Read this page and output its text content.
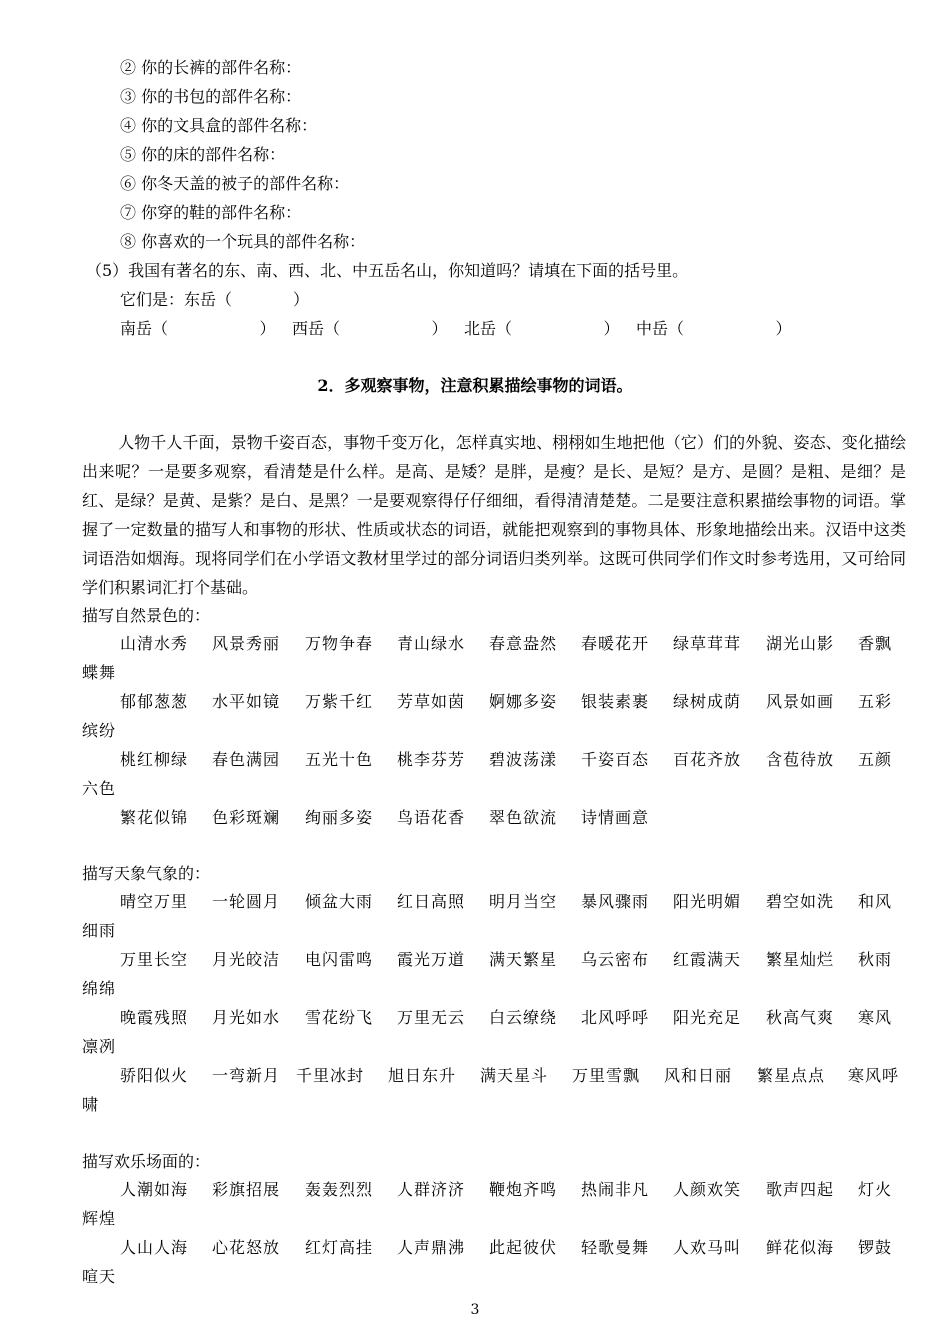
② 你的长裤的部件名称：
③ 你的书包的部件名称：
④ 你的文具盒的部件名称：
⑤ 你的床的部件名称：
⑥ 你冬天盖的被子的部件名称：
⑦ 你穿的鞋的部件名称：
⑧ 你喜欢的一个玩具的部件名称：
（5）我国有著名的东、南、西、北、中五岳名山，你知道吗？请填在下面的括号里。
它们是：东岳（            ）
南岳（                  ） 西岳（                  ） 北岳（                  ） 中岳（                  ）
2．多观察事物，注意积累描绘事物的词语。
人物千人千面，景物千姿百态，事物千变万化，怎样真实地、栩栩如生地把他（它）们的外貌、姿态、变化描绘出来呢？一是要多观察，看清楚是什么样。是高、是矮？是胖，是瘦？是长、是短？是方、是圆？是粗、是细？是红、是绿？是黄、是紫？是白、是黑？一是要观察得仔仔细细，看得清清楚楚。二是要注意积累描绘事物的词语。掌握了一定数量的描写人和事物的形状、性质或状态的词语，就能把观察到的事物具体、形象地描绘出来。汉语中这类词语浩如烟海。现将同学们在小学语文教材里学过的部分词语归类列举。这既可供同学们作文时参考选用，又可给同学们积累词汇打个基础。
描写自然景色的：
山清水秀 风景秀丽 万物争春 青山绿水 春意盎然 春暖花开 绿草茸茸 湖光山影 香飘
蝶舞
郁郁葱葱 水平如镜 万紫千红 芳草如茵 婀娜多姿 银装素裹 绿树成荫 风景如画 五彩
缤纷
桃红柳绿 春色满园 五光十色 桃李芬芳 碧波荡漾 千姿百态 百花齐放 含苞待放 五颜
六色
繁花似锦 色彩斑斓 绚丽多姿 鸟语花香 翠色欲流 诗情画意
描写天象气象的：
晴空万里 一轮圆月 倾盆大雨 红日高照 明月当空 暴风骤雨 阳光明媚 碧空如洗 和风
细雨
万里长空 月光皎洁 电闪雷鸣 霞光万道 满天繁星 乌云密布 红霞满天 繁星灿烂 秋雨
绵绵
晚霞残照 月光如水 雪花纷飞 万里无云 白云缭绕 北风呼呼 阳光充足 秋高气爽 寒风
凛冽
骄阳似火 一弯新月 千里冰封 旭日东升 满天星斗 万里雪飘 风和日丽 繁星点点 寒风呼
啸
描写欢乐场面的：
人潮如海 彩旗招展 轰轰烈烈 人群济济 鞭炮齐鸣 热闹非凡 人颜欢笑 歌声四起 灯火
辉煌
人山人海 心花怒放 红灯高挂 人声鼎沸 此起彼伏 轻歌曼舞 人欢马叫 鲜花似海 锣鼓
喧天
3
